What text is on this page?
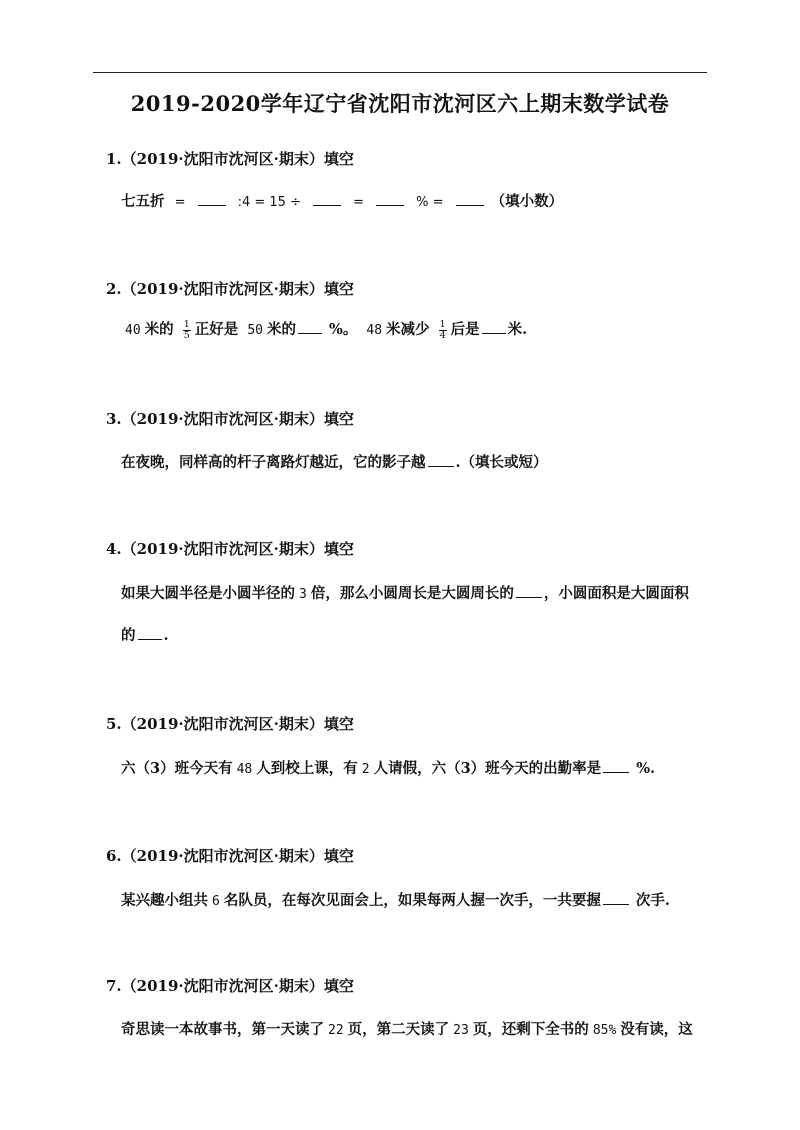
2019-2020学年辽宁省沈阳市沈河区六上期末数学试卷
1.（2019·沈阳市沈河区·期末）填空
七五折 =	:4 = 15 ÷	=	% =	（填小数）
2.（2019·沈阳市沈河区·期末）填空
40 米的 $\frac{1}{5}$ 正好是 50 米的 %。 48 米减少 $\frac{1}{4}$ 后是 米.
3.（2019·沈阳市沈河区·期末）填空
在夜晚，同样高的杆子离路灯越近，它的影子越 .（填长或短）
4.（2019·沈阳市沈河区·期末）填空
如果大圆半径是小圆半径的 3 倍，那么小圆周长是大圆周长的 ，小圆面积是大圆面积
的 .
5.（2019·沈阳市沈河区·期末）填空
六（3）班今天有 48 人到校上课，有 2 人请假，六（3）班今天的出勤率是 %.
6.（2019·沈阳市沈河区·期末）填空
某兴趣小组共 6 名队员，在每次见面会上，如果每两人握一次手，一共要握 次手.
7.（2019·沈阳市沈河区·期末）填空
奇思读一本故事书，第一天读了 22 页，第二天读了 23 页，还剩下全书的 85% 没有读，这
